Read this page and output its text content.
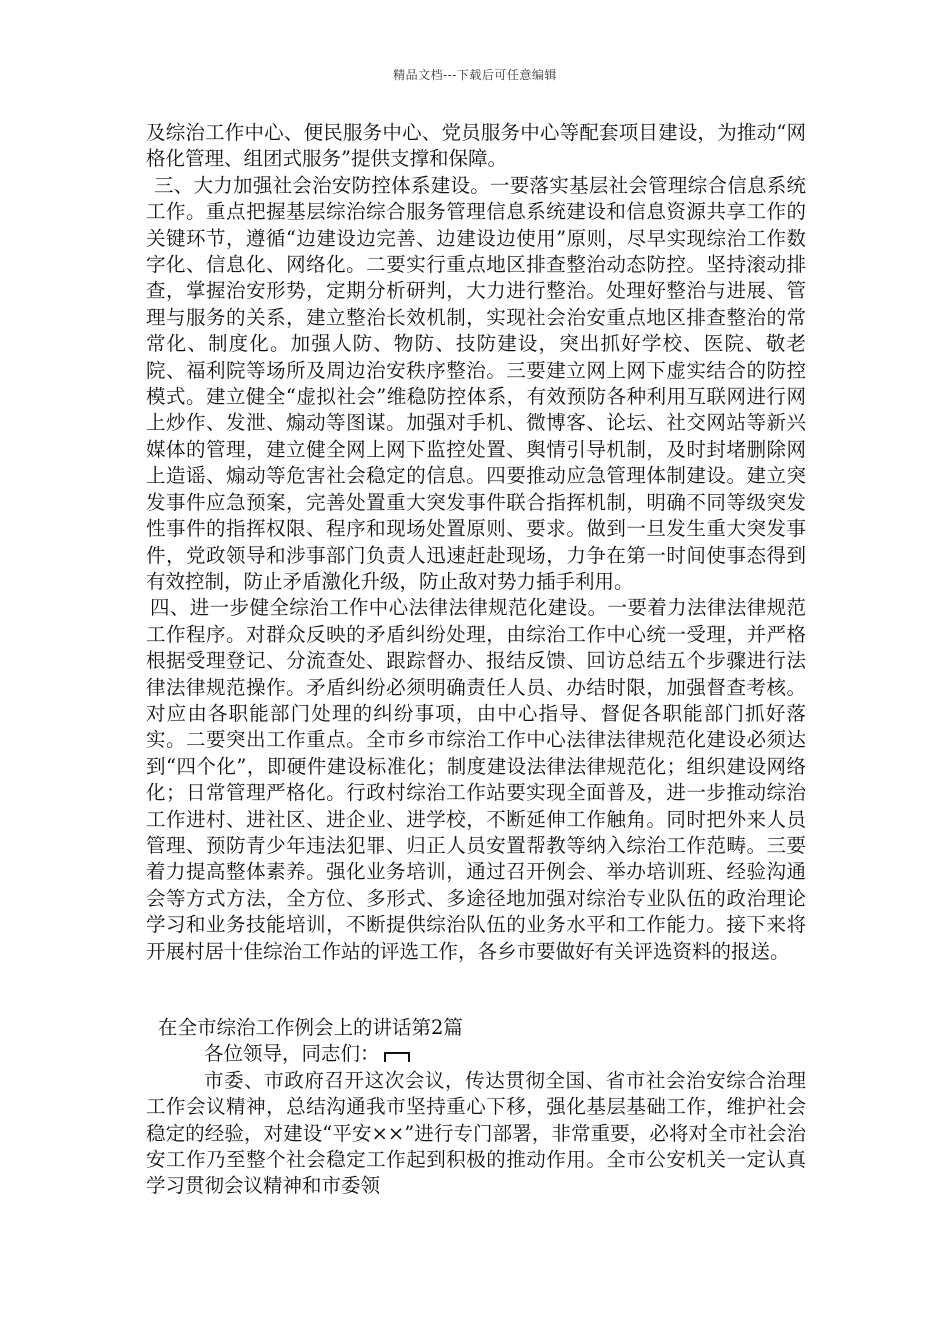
精品文档---下载后可任意编辑

及综治工作中心、便民服务中心、党员服务中心等配套项目建设，为推动“网格化管理、组团式服务”提供支撑和保障。

三、大力加强社会治安防控体系建设。一要落实基层社会管理综合信息系统工作。重点把握基层综治综合服务管理信息系统建设和信息资源共享工作的关键环节，遵循“边建设边完善、边建设边使用”原则，尽早实现综治工作数字化、信息化、网络化。二要实行重点地区排查整治动态防控。坚持滚动排查，掌握治安形势，定期分析研判，大力进行整治。处理好整治与进展、管理与服务的关系，建立整治长效机制，实现社会治安重点地区排查整治的常常化、制度化。加强人防、物防、技防建设，突出抓好学校、医院、敬老院、福利院等场所及周边治安秩序整治。三要建立网上网下虚实结合的防控模式。建立健全“虚拟社会”维稳防控体系，有效预防各种利用互联网进行网上炒作、发泄、煽动等图谋。加强对手机、微博客、论坛、社交网站等新兴媒体的管理，建立健全网上网下监控处置、舆情引导机制，及时封堵删除网上造谣、煽动等危害社会稳定的信息。四要推动应急管理体制建设。建立突发事件应急预案，完善处置重大突发事件联合指挥机制，明确不同等级突发性事件的指挥权限、程序和现场处置原则、要求。做到一旦发生重大突发事件，党政领导和涉事部门负责人迅速赶赴现场，力争在第一时间使事态得到有效控制，防止矛盾激化升级，防止敌对势力插手利用。

四、进一步健全综治工作中心法律法律规范化建设。一要着力法律法律规范工作程序。对群众反映的矛盾纠纷处理，由综治工作中心统一受理，并严格根据受理登记、分流查处、跟踪督办、报结反馈、回访总结五个步骤进行法律法律规范操作。矛盾纠纷必须明确责任人员、办结时限，加强督查考核。对应由各职能部门处理的纠纷事项，由中心指导、督促各职能部门抓好落实。二要突出工作重点。全市乡市综治工作中心法律法律规范化建设必须达到“四个化”，即硬件建设标准化；制度建设法律法律规范化；组织建设网络化；日常管理严格化。行政村综治工作站要实现全面普及，进一步推动综治工作进村、进社区、进企业、进学校，不断延伸工作触角。同时把外来人员管理、预防青少年违法犯罪、归正人员安置帮教等纳入综治工作范畴。三要着力提高整体素养。强化业务培训，通过召开例会、举办培训班、经验沟通会等方式方法，全方位、多形式、多途径地加强对综治专业队伍的政治理论学习和业务技能培训，不断提供综治队伍的业务水平和工作能力。接下来将开展村居十佳综治工作站的评选工作，各乡市要做好有关评选资料的报送。

在全市综治工作例会上的讲话第2篇

各位领导，同志们：

市委、市政府召开这次会议，传达贯彻全国、省市社会治安综合治理工作会议精神，总结沟通我市坚持重心下移，强化基层基础工作，维护社会稳定的经验，对建设“平安××”进行专门部署，非常重要，必将对全市社会治安工作乃至整个社会稳定工作起到积极的推动作用。全市公安机关一定认真学习贯彻会议精神和市委领
